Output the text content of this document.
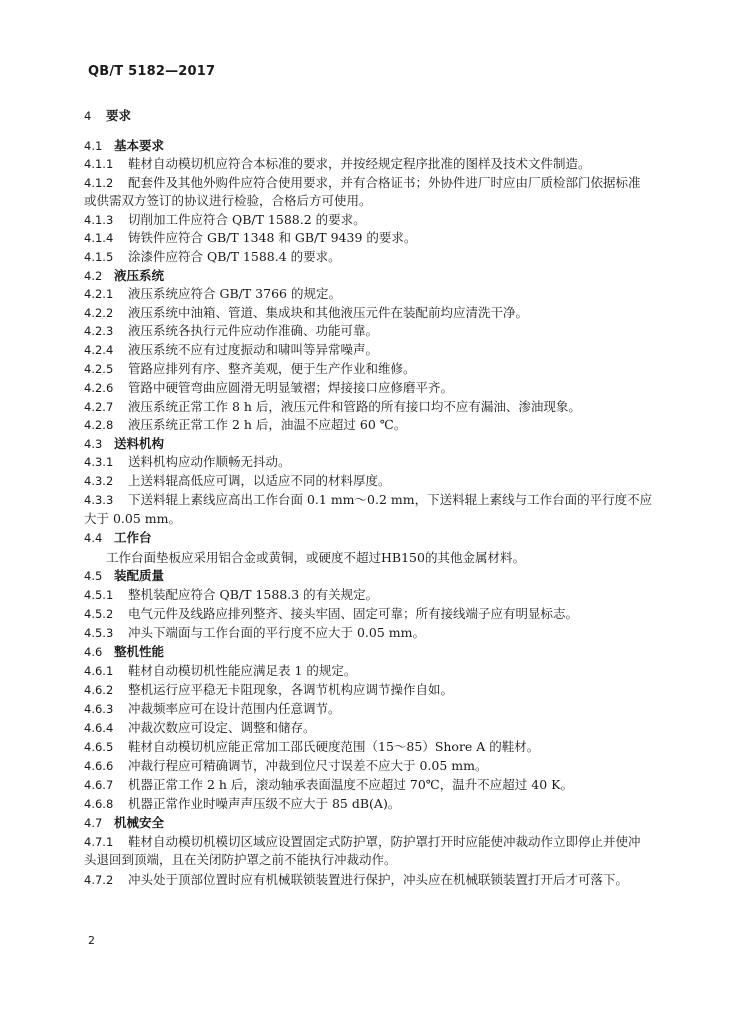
QB/T 5182—2017
4 要求
4.1 基本要求
4.1.1 鞋材自动模切机应符合本标准的要求，并按经规定程序批准的图样及技术文件制造。
4.1.2 配套件及其他外购件应符合使用要求，并有合格证书；外协件进厂时应由厂质检部门依据标准
或供需双方签订的协议进行检验，合格后方可使用。
4.1.3 切削加工件应符合 QB/T 1588.2 的要求。
4.1.4 铸铁件应符合 GB/T 1348 和 GB/T 9439 的要求。
4.1.5 涂漆件应符合 QB/T 1588.4 的要求。
4.2 液压系统
4.2.1 液压系统应符合 GB/T 3766 的规定。
4.2.2 液压系统中油箱、管道、集成块和其他液压元件在装配前均应清洗干净。
4.2.3 液压系统各执行元件应动作准确、功能可靠。
4.2.4 液压系统不应有过度振动和啸叫等异常噪声。
4.2.5 管路应排列有序、整齐美观，便于生产作业和维修。
4.2.6 管路中硬管弯曲应圆滑无明显皱褶；焊接接口应修磨平齐。
4.2.7 液压系统正常工作 8 h 后，液压元件和管路的所有接口均不应有漏油、渗油现象。
4.2.8 液压系统正常工作 2 h 后，油温不应超过 60 ℃。
4.3 送料机构
4.3.1 送料机构应动作顺畅无抖动。
4.3.2 上送料辊高低应可调，以适应不同的材料厚度。
4.3.3 下送料辊上素线应高出工作台面 0.1 mm～0.2 mm，下送料辊上素线与工作台面的平行度不应
大于 0.05 mm。
4.4 工作台
工作台面垫板应采用铝合金或黄铜，或硬度不超过HB150的其他金属材料。
4.5 装配质量
4.5.1 整机装配应符合 QB/T 1588.3 的有关规定。
4.5.2 电气元件及线路应排列整齐、接头牢固、固定可靠；所有接线端子应有明显标志。
4.5.3 冲头下端面与工作台面的平行度不应大于 0.05 mm。
4.6 整机性能
4.6.1 鞋材自动模切机性能应满足表 1 的规定。
4.6.2 整机运行应平稳无卡阻现象，各调节机构应调节操作自如。
4.6.3 冲裁频率应可在设计范围内任意调节。
4.6.4 冲裁次数应可设定、调整和储存。
4.6.5 鞋材自动模切机应能正常加工邵氏硬度范围（15～85）Shore A 的鞋材。
4.6.6 冲裁行程应可精确调节，冲裁到位尺寸误差不应大于 0.05 mm。
4.6.7 机器正常工作 2 h 后，滚动轴承表面温度不应超过 70℃，温升不应超过 40 K。
4.6.8 机器正常作业时噪声声压级不应大于 85 dB(A)。
4.7 机械安全
4.7.1 鞋材自动模切机模切区域应设置固定式防护罩，防护罩打开时应能使冲裁动作立即停止并使冲
头退回到顶端，且在关闭防护罩之前不能执行冲裁动作。
4.7.2 冲头处于顶部位置时应有机械联锁装置进行保护，冲头应在机械联锁装置打开后才可落下。
2
